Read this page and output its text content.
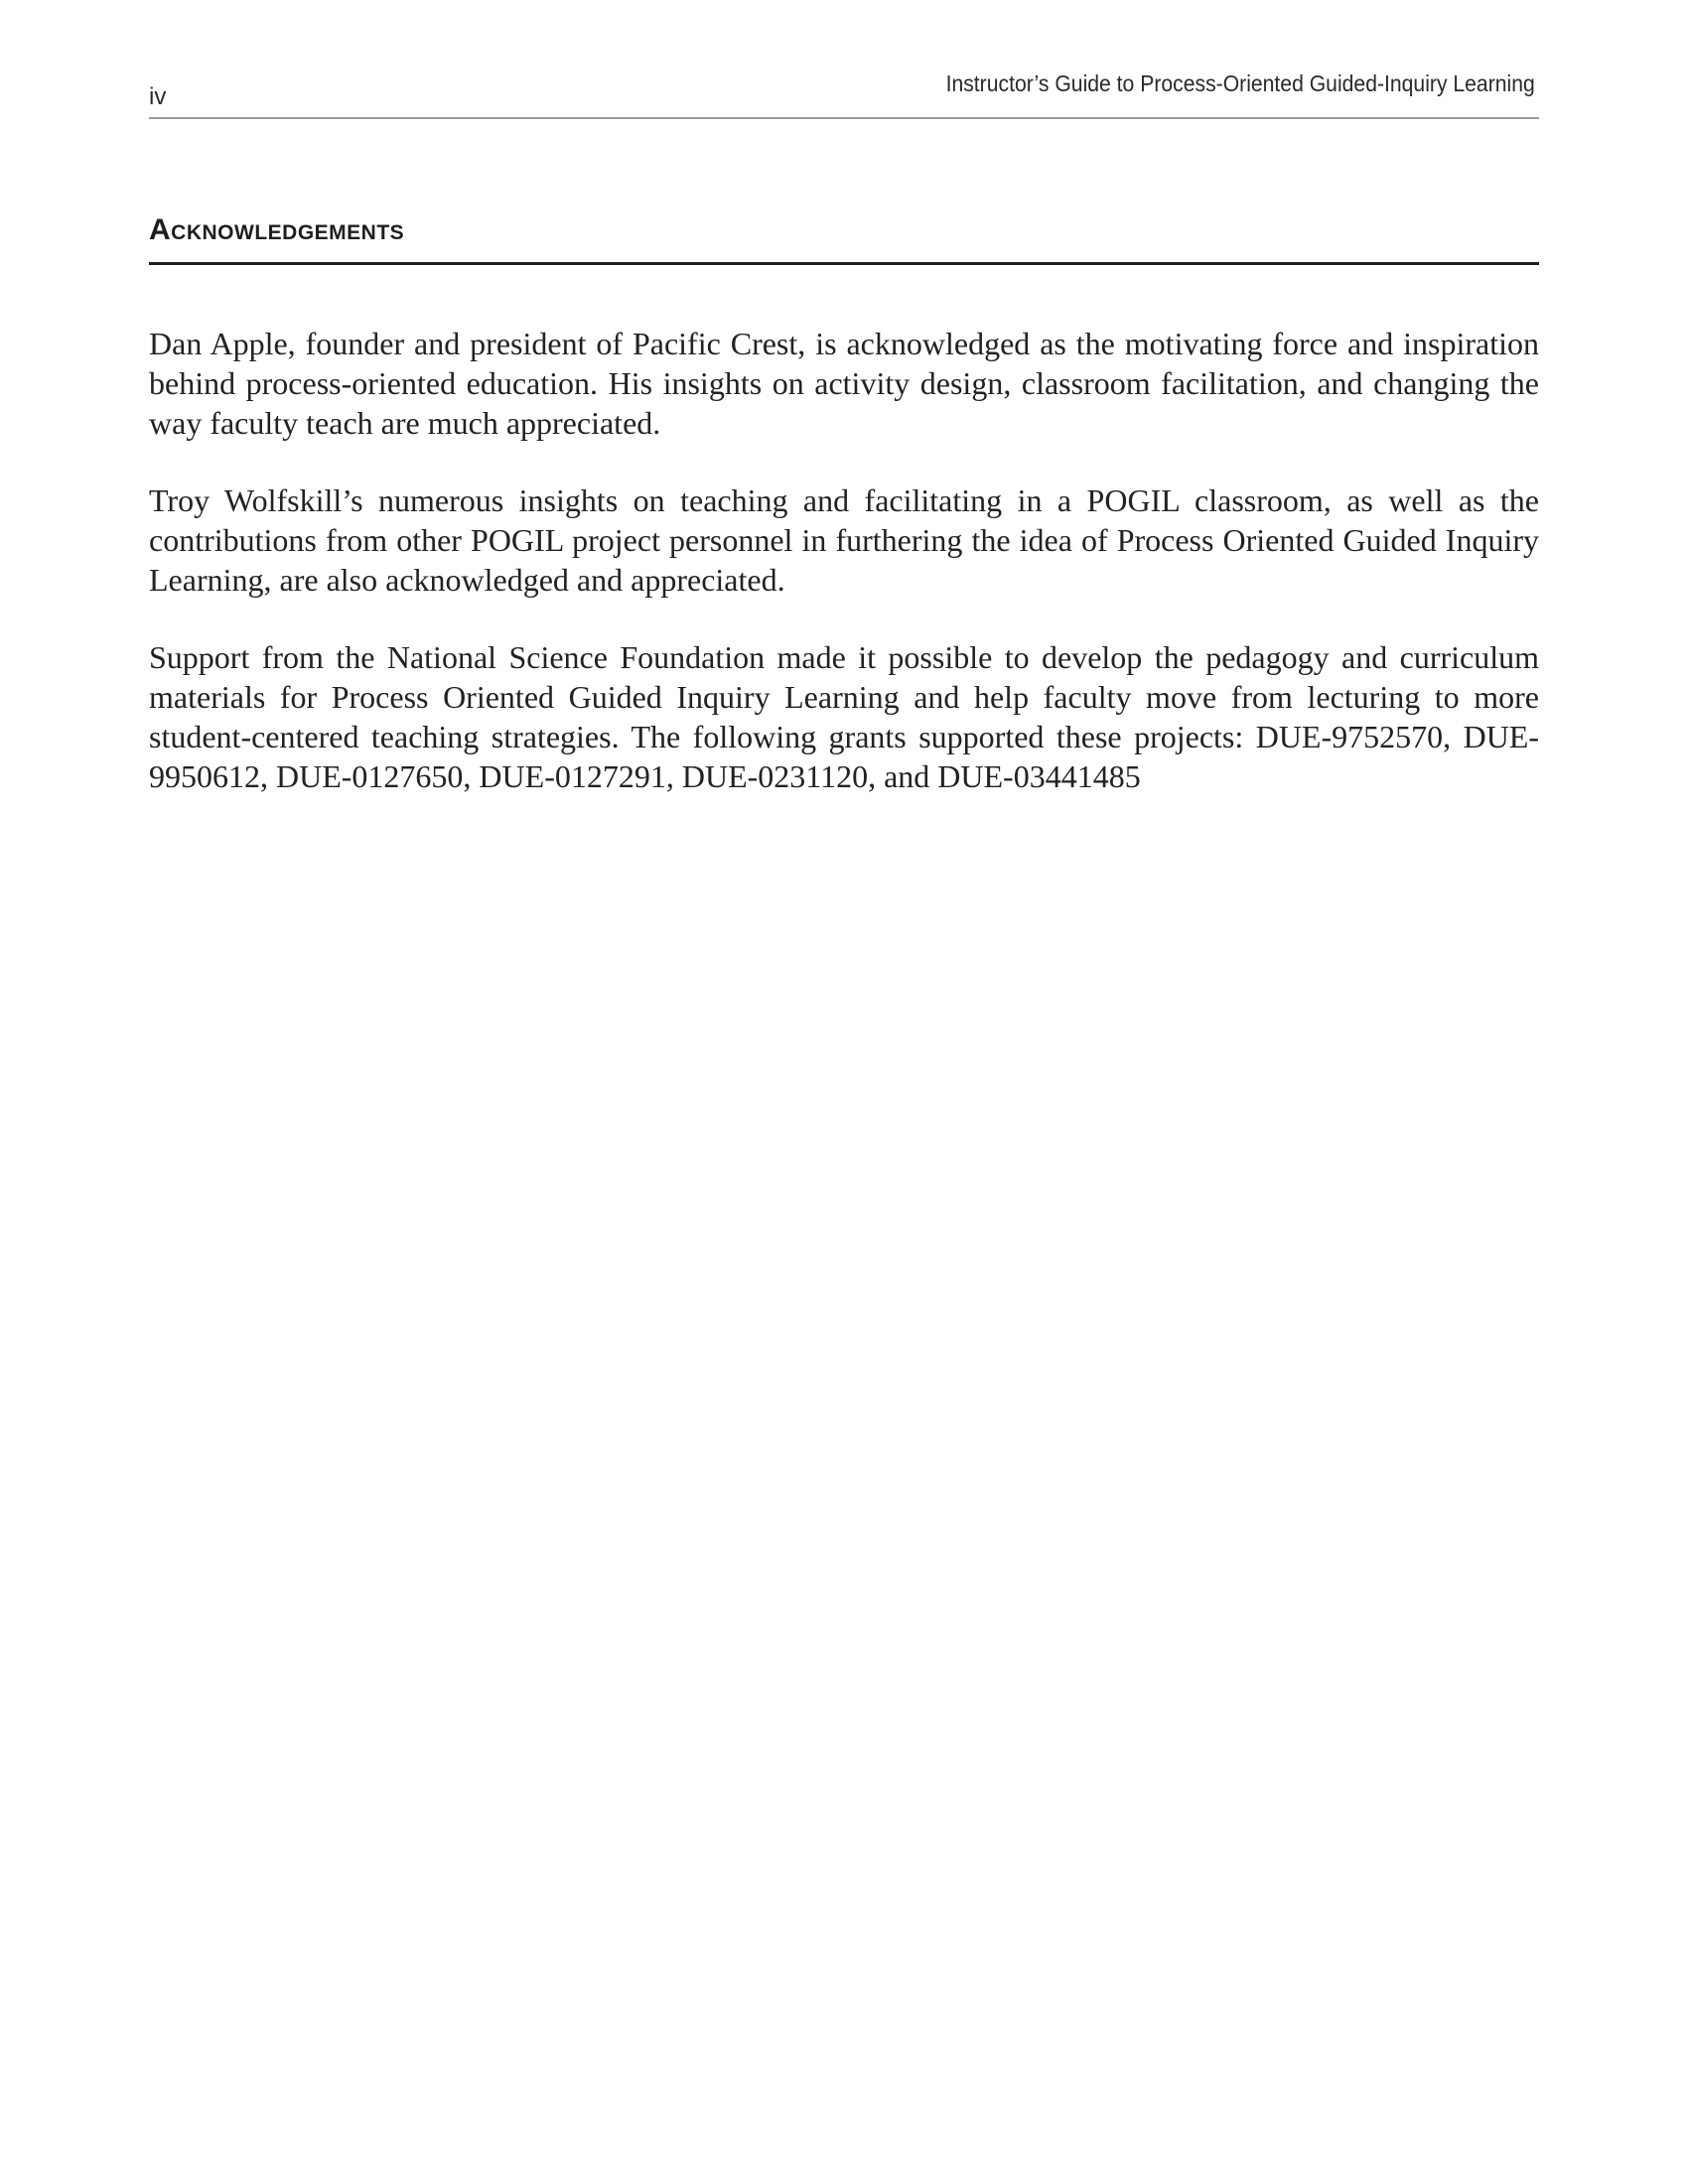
iv	Instructor’s Guide to Process-Oriented Guided-Inquiry Learning
Acknowledgements

Dan Apple, founder and president of Pacific Crest, is acknowledged as the motivating force and inspiration behind process-oriented education. His insights on activity design, classroom facilitation, and changing the way faculty teach are much appreciated.

Troy Wolfskill’s numerous insights on teaching and facilitating in a POGIL classroom, as well as the contributions from other POGIL project personnel in furthering the idea of Process Oriented Guided Inquiry Learning, are also acknowledged and appreciated.

Support from the National Science Foundation made it possible to develop the pedagogy and curriculum materials for Process Oriented Guided Inquiry Learning and help faculty move from lecturing to more student-centered teaching strategies. The following grants supported these projects: DUE-9752570, DUE-9950612, DUE-0127650, DUE-0127291, DUE-0231120, and DUE-03441485
